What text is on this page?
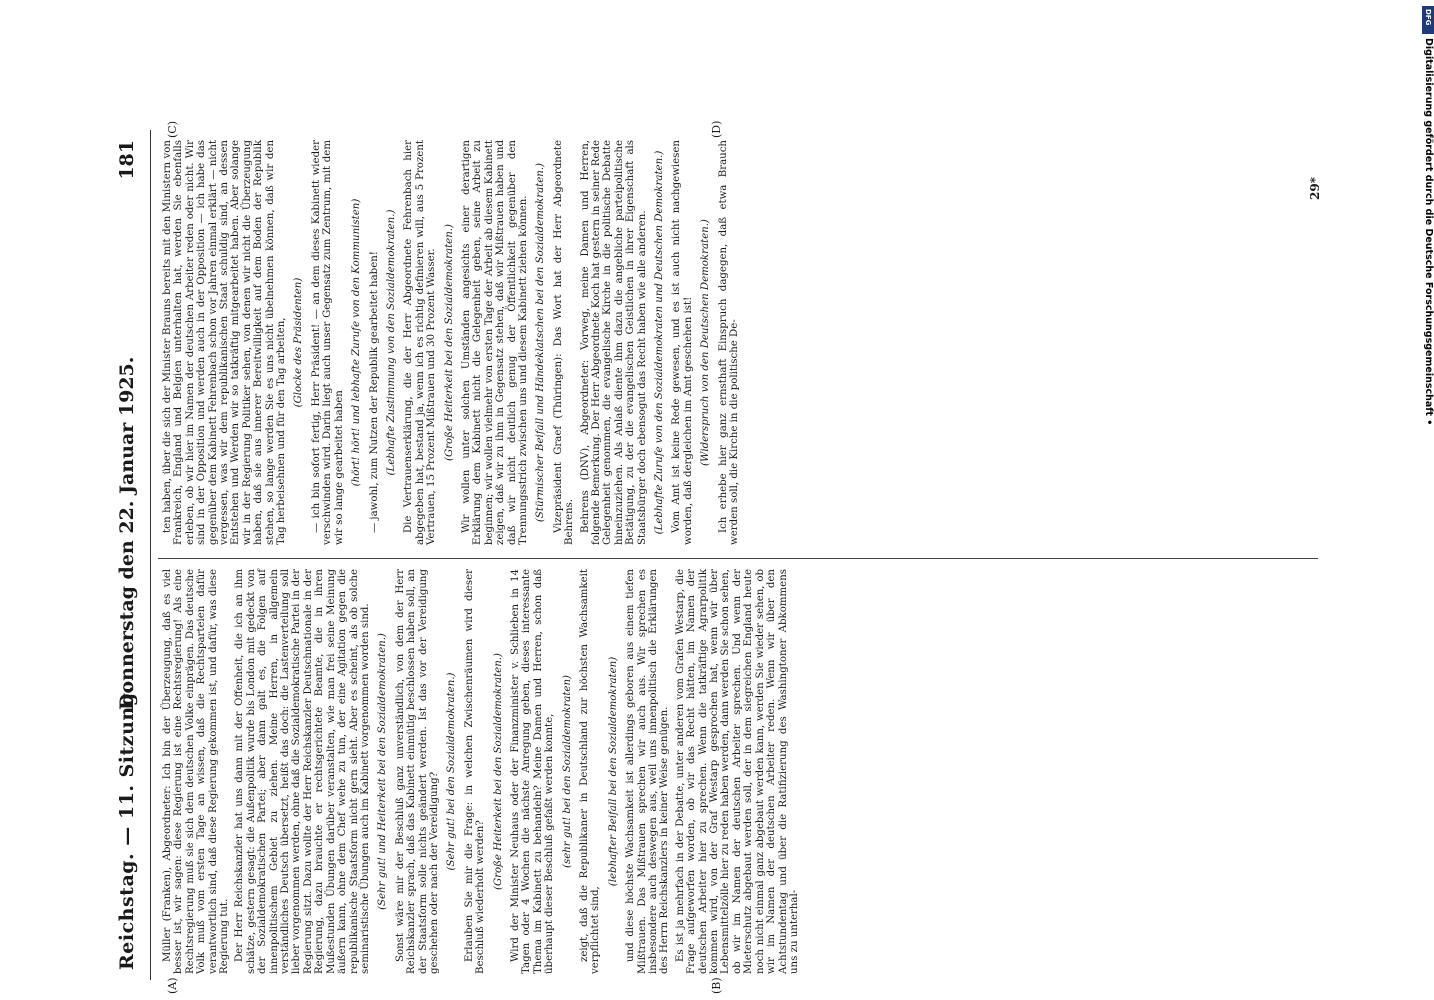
Reichstag. — 11. Sitzung.
Donnerstag den 22. Januar 1925.
181
(A)	(B)
(C)	(D)

Müller (Franken), Abgeordneter: Ich bin der Überzeugung, daß es viel besser ist, wir sagen: diese Regierung ist eine Rechtsregierung! Als eine Rechtsregierung muß sie sich dem deutschen Volke einprägen. Das deutsche Volk muß vom ersten Tage an wissen, daß die Rechtsparteien dafür verantwortlich sind, daß diese Regierung gekommen ist, und dafür, was diese Regierung tut. Der Herr Reichskanzler hat uns dann mit der Offenheit, die ich an ihm schätze, gestern gesagt: die Außenpolitik wurde bis London mit gedeckt von der Sozialdemokratischen Partei; aber dann galt es, die Folgen auf innenpolitischem Gebiet zu ziehen. Meine Herren, in allgemein verständliches Deutsch übersetzt, heißt das doch: die Lastenverteilung soll lieber vorgenommen werden, ohne daß die Sozialdemokratische Partei in der Regierung sitzt. Dazu wollte der Herr Reichskanzler Deutschnationale in der Regierung, dazu brauchte er rechtsgerichtete Beamte, die in ihren Mußestunden Übungen darüber veranstalten, wie man frei seine Meinung äußern kann, ohne dem Chef wehe zu tun, der eine Agitation gegen die republikanische Staatsform nicht gern sieht. Aber es scheint, als ob solche seminaristische Übungen auch im Kabinett vorgenommen worden sind. (Sehr gut! und Heiterkeit bei den Sozialdemokraten.) Sonst wäre mir der Beschluß ganz unverständlich, von dem der Herr Reichskanzler sprach, daß das Kabinett einmütig beschlossen haben soll, an der Staatsform solle nichts geändert werden. Ist das vor der Vereidigung geschehen oder nach der Vereidigung?

(Sehr gut! bei den Sozialdemokraten.) Erlauben Sie mir die Frage: in welchen Zwischenräumen wird dieser Beschluß wiederholt werden?

(Große Heiterkeit bei den Sozialdemokraten.) Wird der Minister Neuhaus oder der Finanzminister v. Schlieben in 14 Tagen oder 4 Wochen die nächste Anregung geben, dieses interessante Thema im Kabinett zu behandeln? Meine Damen und Herren, schon daß überhaupt dieser Beschluß gefaßt werden konnte, (sehr gut! bei den Sozialdemokraten) zeigt, daß die Republikaner in Deutschland zur höchsten Wachsamkeit verpflichtet sind,

(lebhafter Beifall bei den Sozialdemokraten) und diese höchste Wachsamkeit ist allerdings geboren aus einem tiefen Mißtrauen. Das Mißtrauen sprechen wir auch aus. Wir sprechen es insbesondere auch deswegen aus, weil uns innenpolitisch die Erklärungen des Herrn Reichskanzlers in keiner Weise genügen. Es ist ja mehrfach in der Debatte, unter anderen vom Grafen Westarp, die Frage aufgeworfen worden, ob wir das Recht hätten, im Namen der deutschen Arbeiter hier zu sprechen. Wenn die tatkräftige Agrarpolitik kommen wird, von der Graf Westarp gesprochen hat, wenn wir über Lebensmittelzölle hier zu reden haben werden, dann werden Sie schon sehen, ob wir im Namen der deutschen Arbeiter sprechen. Und wenn der Mieterschutz abgebaut werden soll, der in dem siegreichen England heute noch nicht einmal ganz abgebaut werden kann, werden Sie wieder sehen, ob wir im Namen der deutschen Arbeiter reden. Wenn wir über den Achtstundentag und über die Ratifizierung des Washingtoner Abkommens uns zu unterhal-

ten haben, über die sich der Minister Brauns bereits mit den Ministern von Frankreich, England und Belgien unterhalten hat, werden Sie ebenfalls erleben, ob wir hier im Namen der deutschen Arbeiter reden oder nicht. Wir sind in der Opposition und werden auch in der Opposition — ich habe das gegenüber dem Kabinett Fehrenbach schon vor Jahren einmal erklärt — nicht vergessen, was wir dem republikanischen Staat schuldig sind, an dessen Entstehen und Werden wir so tatkräftig mitgearbeitet haben. Aber solange wir in der Regierung Politiker sehen, von denen wir nicht die Überzeugung haben, daß sie aus innerer Bereitwilligkeit auf dem Boden der Republik stehen, so lange werden Sie es uns nicht übelnehmen können, daß wir den Tag herbeisehnen und für den Tag arbeiten, (Glocke des Präsidenten) — ich bin sofort fertig, Herr Präsident! — an dem dieses Kabinett wieder verschwinden wird. Darin liegt auch unser Gegensatz zum Zentrum, mit dem wir so lange gearbeitet haben (hört! hört! und lebhafte Zurufe von den Kommunisten) — jawohl, zum Nutzen der Republik gearbeitet haben! (Lebhafte Zustimmung von den Sozialdemokraten.) Die Vertrauenserklärung, die der Herr Abgeordnete Fehrenbach hier abgegeben hat, bestand ja, wenn ich es richtig definieren will, aus 5 Prozent Vertrauen, 15 Prozent Mißtrauen und 30 Prozent Wasser. (Große Heiterkeit bei den Sozialdemokraten.) Wir wollen unter solchen Umständen angesichts einer derartigen Erklärung dem Kabinett nicht die Gelegenheit geben, seine Arbeit zu beginnen; wir wollen vielmehr von ersten Tage der Arbeit ab diesem Kabinett zeigen, daß wir zu ihm in Gegensatz stehen, daß wir Mißtrauen haben und daß wir nicht deutlich genug der Öffentlichkeit gegenüber den Trennungsstrich zwischen uns und diesem Kabinett ziehen können. (Stürmischer Beifall und Händeklatschen bei den Sozialdemokraten.) Vizepräsident Graef (Thüringen): Das Wort hat der Herr Abgeordnete Behrens. Behrens (DNV), Abgeordneter: Vorweg, meine Damen und Herren, folgende Bemerkung. Der Herr Abgeordnete Koch hat gestern in seiner Rede Gelegenheit genommen, die evangelische Kirche in die politische Debatte hineinzuziehen. Als Anlaß diente ihm dazu die angebliche parteipolitische Betätigung, zu der die evangelischen Geistlichen in ihrer Eigenschaft als Staatsbürger doch ebensogut das Recht haben wie alle anderen. (Lebhafte Zurufe von den Sozialdemokraten und Deutschen Demokraten.) Vom Amt ist keine Rede gewesen, und es ist auch nicht nachgewiesen worden, daß dergleichen im Amt geschehen ist! (Widerspruch von den Deutschen Demokraten.) Ich erhebe hier ganz ernsthaft Einspruch dagegen, daß etwa Brauch werden soll, die Kirche in die politische De-

29*
DFG
Digitalisierung gefördert durch die Deutsche Forschungsgemeinschaft •
